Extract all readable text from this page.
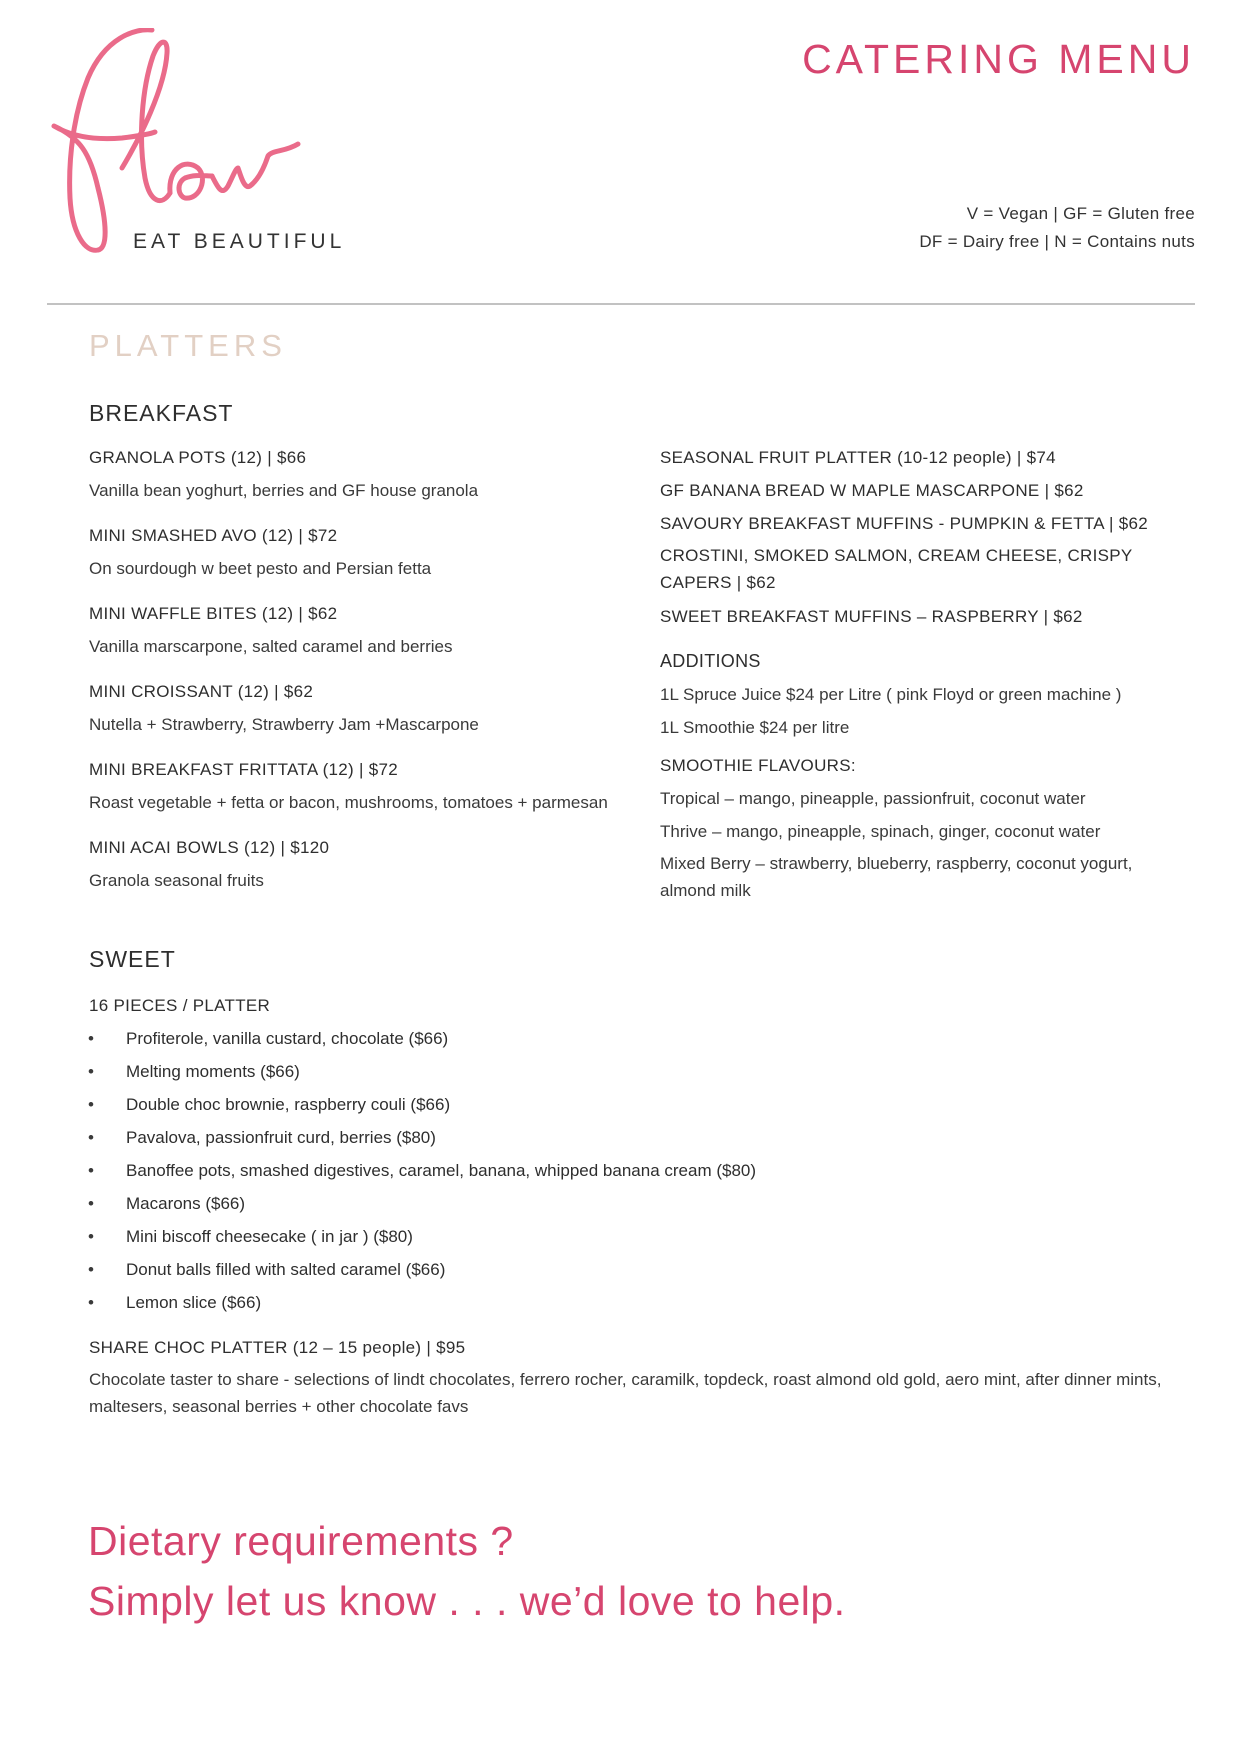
EAT BEAUTIFUL
CATERING MENU
V = Vegan | GF = Gluten free
DF = Dairy free | N = Contains nuts
PLATTERS
BREAKFAST
GRANOLA POTS (12) | $66
Vanilla bean yoghurt, berries and GF house granola
MINI SMASHED AVO (12) | $72
On sourdough w beet pesto and Persian fetta
MINI WAFFLE BITES (12) | $62
Vanilla marscarpone, salted caramel and berries
MINI CROISSANT (12) | $62
Nutella + Strawberry, Strawberry Jam +Mascarpone
MINI BREAKFAST FRITTATA (12) | $72
Roast vegetable + fetta or bacon, mushrooms, tomatoes + parmesan
MINI ACAI BOWLS (12) | $120
Granola seasonal fruits
SEASONAL FRUIT PLATTER (10-12 people) | $74
GF BANANA BREAD W MAPLE MASCARPONE | $62
SAVOURY BREAKFAST MUFFINS - PUMPKIN & FETTA | $62
CROSTINI, SMOKED SALMON, CREAM CHEESE, CRISPY CAPERS | $62
SWEET BREAKFAST MUFFINS – RASPBERRY | $62
ADDITIONS
1L Spruce Juice $24 per Litre ( pink Floyd or green machine )
1L Smoothie $24 per litre
SMOOTHIE FLAVOURS:
Tropical – mango, pineapple, passionfruit, coconut water
Thrive – mango, pineapple, spinach, ginger, coconut water
Mixed Berry – strawberry, blueberry, raspberry, coconut yogurt, almond milk
SWEET
16 PIECES / PLATTER
• Profiterole, vanilla custard, chocolate ($66)
• Melting moments ($66)
• Double choc brownie, raspberry couli ($66)
• Pavalova, passionfruit curd, berries ($80)
• Banoffee pots, smashed digestives, caramel, banana, whipped banana cream ($80)
• Macarons ($66)
• Mini biscoff cheesecake ( in jar ) ($80)
• Donut balls filled with salted caramel ($66)
• Lemon slice ($66)
SHARE CHOC PLATTER (12 – 15 people) | $95
Chocolate taster to share - selections of lindt chocolates, ferrero rocher, caramilk, topdeck, roast almond old gold, aero mint, after dinner mints, maltesers, seasonal berries + other chocolate favs
Dietary requirements ?
Simply let us know . . . we’d love to help.
